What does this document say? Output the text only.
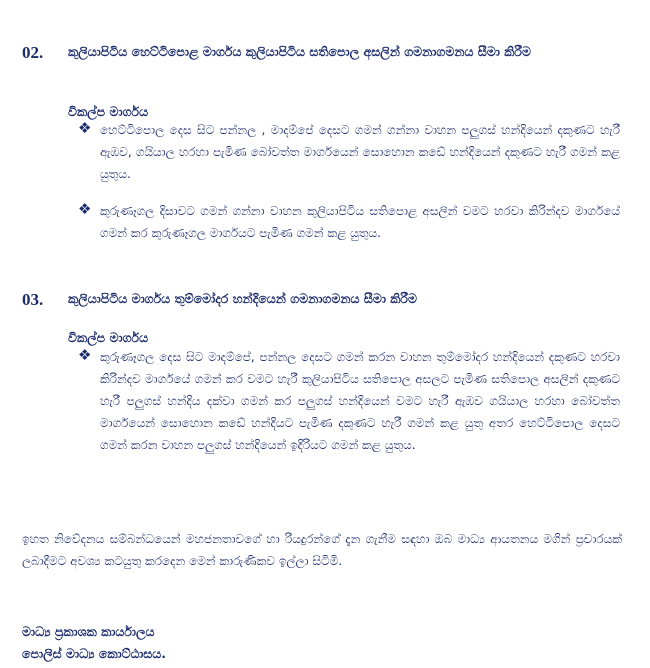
02. කුලියාපිටිය හෙට්ටිපොළ මාර්ගය කුලියාපිටිය සතිපොල අසලින් ගමනාගමනය සීමා කිරීම
විකල්ප මාර්ගය
❖ හෙට්ටිපොල දෙස සිට පන්නල , මාදම්පේ දෙසට ගමන් ගන්නා වාහන පලුගස් හන්දියෙන් දකුණට හැරී ඇඹව, ගයියාල හරහා පැමිණ බෝවත්ත මාර්ගයෙන් සොහොන කඩේ හන්දියෙන් දකුණට හැරී ගමන් කළ යුතුය.
❖ කුරුණෑගල දිසාවට ගමන් ගන්නා වාහන කුලියාපිටිය සතිපොළ අසලින් වමට හරවා කිරින්දව මාර්ගයේ ගමන් කර කුරුණෑගල මාර්ගයට පැමිණ ගමන් කළ යුතුය.
03. කුලියාපිටිය මාර්ගය තුම්මෝදර හන්දියෙන් ගමනාගමනය සීමා කිරීම
විකල්ප මාර්ගය
❖ කුරුණෑගල දෙස සිට මාදම්පේ, පන්නල දෙසට ගමන් කරන වාහන තුම්මෝදර හන්දියෙන් දකුණට හරවා කිරින්දව මාර්ගයේ ගමන් කර වමට හැරී කුලියාපිටිය සතිපොල අසලට පැමිණ සතිපොල අසලින් දකුණට හැරී පලුගස් හන්දිය දක්වා ගමන් කර පලුගස් හන්දියෙන් වමට හැරී ඇඹව ගයියාල හරහා බෝවත්ත මාර්ගයෙන් සොහොන කඩේ හන්දියට පැමිණ දකුණට හැරී ගමන් කළ යුතු අතර හෙට්ටිපොල දෙසට ගමන් කරන වාහන පලුගස් හන්දියෙන් ඉදිරියට ගමන් කළ යුතුය.
ඉහත නිවේදනය සම්බන්ධයෙන් මහජනතාවගේ හා රියදුරන්ගේ දැන ගැනීම සඳහා ඔබ මාධ්‍ය ආයතනය මගින් ප්‍රචාරයක් ලබාදීමට අවශ්‍ය කටයුතු කරදෙන මෙන් කාරුණිකව ඉල්ලා සිටිමි.
මාධ්‍ය ප්‍රකාශක කාර්යාලය
පොලිස් මාධ්‍ය කොට්ඨාසය.
